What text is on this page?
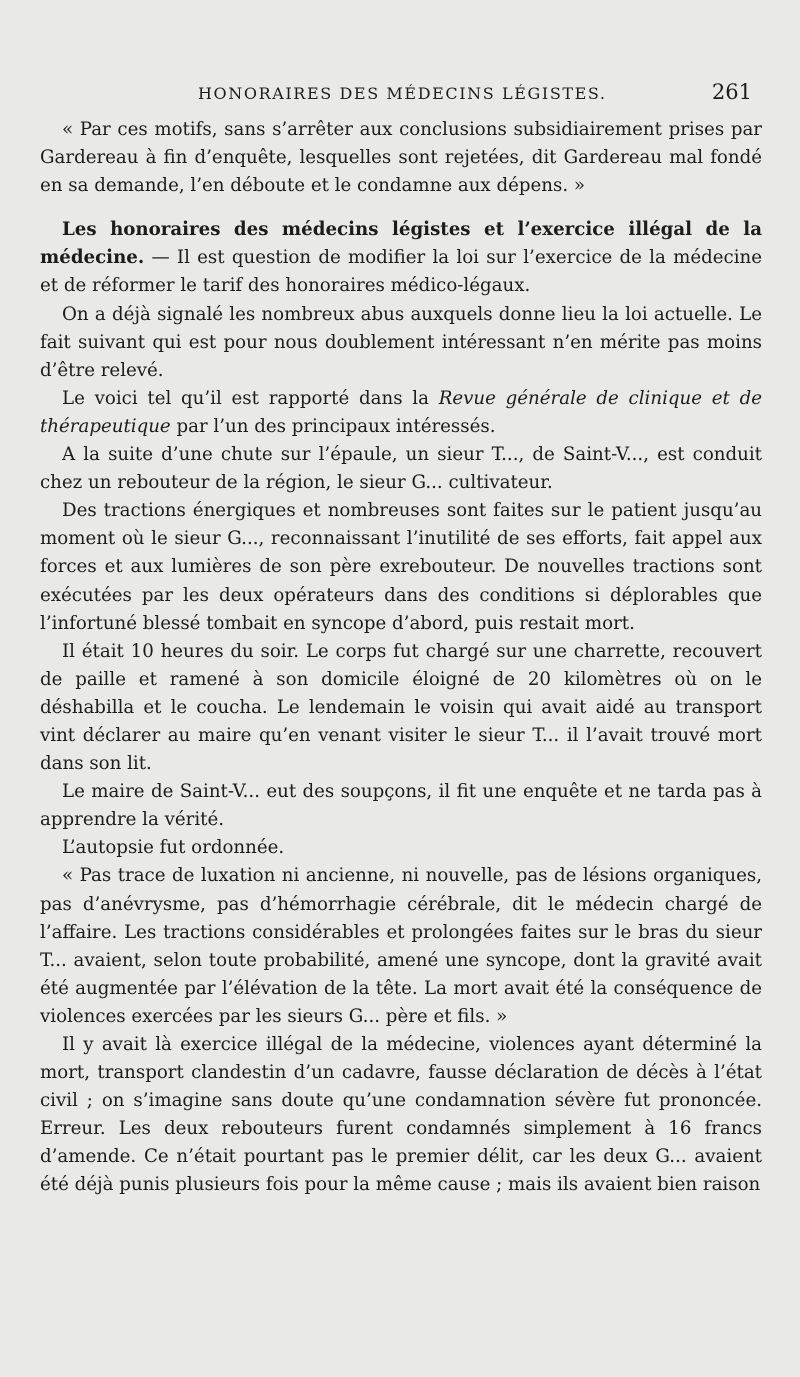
HONORAIRES DES MÉDECINS LÉGISTES.	261

« Par ces motifs, sans s’arrêter aux conclusions subsidiairement prises par Gardereau à fin d’enquête, lesquelles sont rejetées, dit Gardereau mal fondé en sa demande, l’en déboute et le condamne aux dépens. »

Les honoraires des médecins légistes et l’exercice illégal de la médecine. — Il est question de modifier la loi sur l’exercice de la médecine et de réformer le tarif des honoraires médico-légaux.

On a déjà signalé les nombreux abus auxquels donne lieu la loi actuelle. Le fait suivant qui est pour nous doublement intéressant n’en mérite pas moins d’être relevé.

Le voici tel qu’il est rapporté dans la Revue générale de clinique et de thérapeutique par l’un des principaux intéressés.

A la suite d’une chute sur l’épaule, un sieur T..., de Saint-V..., est conduit chez un rebouteur de la région, le sieur G... cultivateur.

Des tractions énergiques et nombreuses sont faites sur le patient jusqu’au moment où le sieur G..., reconnaissant l’inutilité de ses efforts, fait appel aux forces et aux lumières de son père exrebouteur. De nouvelles tractions sont exécutées par les deux opérateurs dans des conditions si déplorables que l’infortuné blessé tombait en syncope d’abord, puis restait mort.

Il était 10 heures du soir. Le corps fut chargé sur une charrette, recouvert de paille et ramené à son domicile éloigné de 20 kilomètres où on le déshabilla et le coucha. Le lendemain le voisin qui avait aidé au transport vint déclarer au maire qu’en venant visiter le sieur T... il l’avait trouvé mort dans son lit.

Le maire de Saint-V... eut des soupçons, il fit une enquête et ne tarda pas à apprendre la vérité.

L’autopsie fut ordonnée.

« Pas trace de luxation ni ancienne, ni nouvelle, pas de lésions organiques, pas d’anévrysme, pas d’hémorrhagie cérébrale, dit le médecin chargé de l’affaire. Les tractions considérables et prolongées faites sur le bras du sieur T... avaient, selon toute probabilité, amené une syncope, dont la gravité avait été augmentée par l’élévation de la tête. La mort avait été la conséquence de violences exercées par les sieurs G... père et fils. »

Il y avait là exercice illégal de la médecine, violences ayant déterminé la mort, transport clandestin d’un cadavre, fausse déclaration de décès à l’état civil ; on s’imagine sans doute qu’une condamnation sévère fut prononcée. Erreur. Les deux rebouteurs furent condamnés simplement à 16 francs d’amende. Ce n’était pourtant pas le premier délit, car les deux G... avaient été déjà punis plusieurs fois pour la même cause ; mais ils avaient bien raison
